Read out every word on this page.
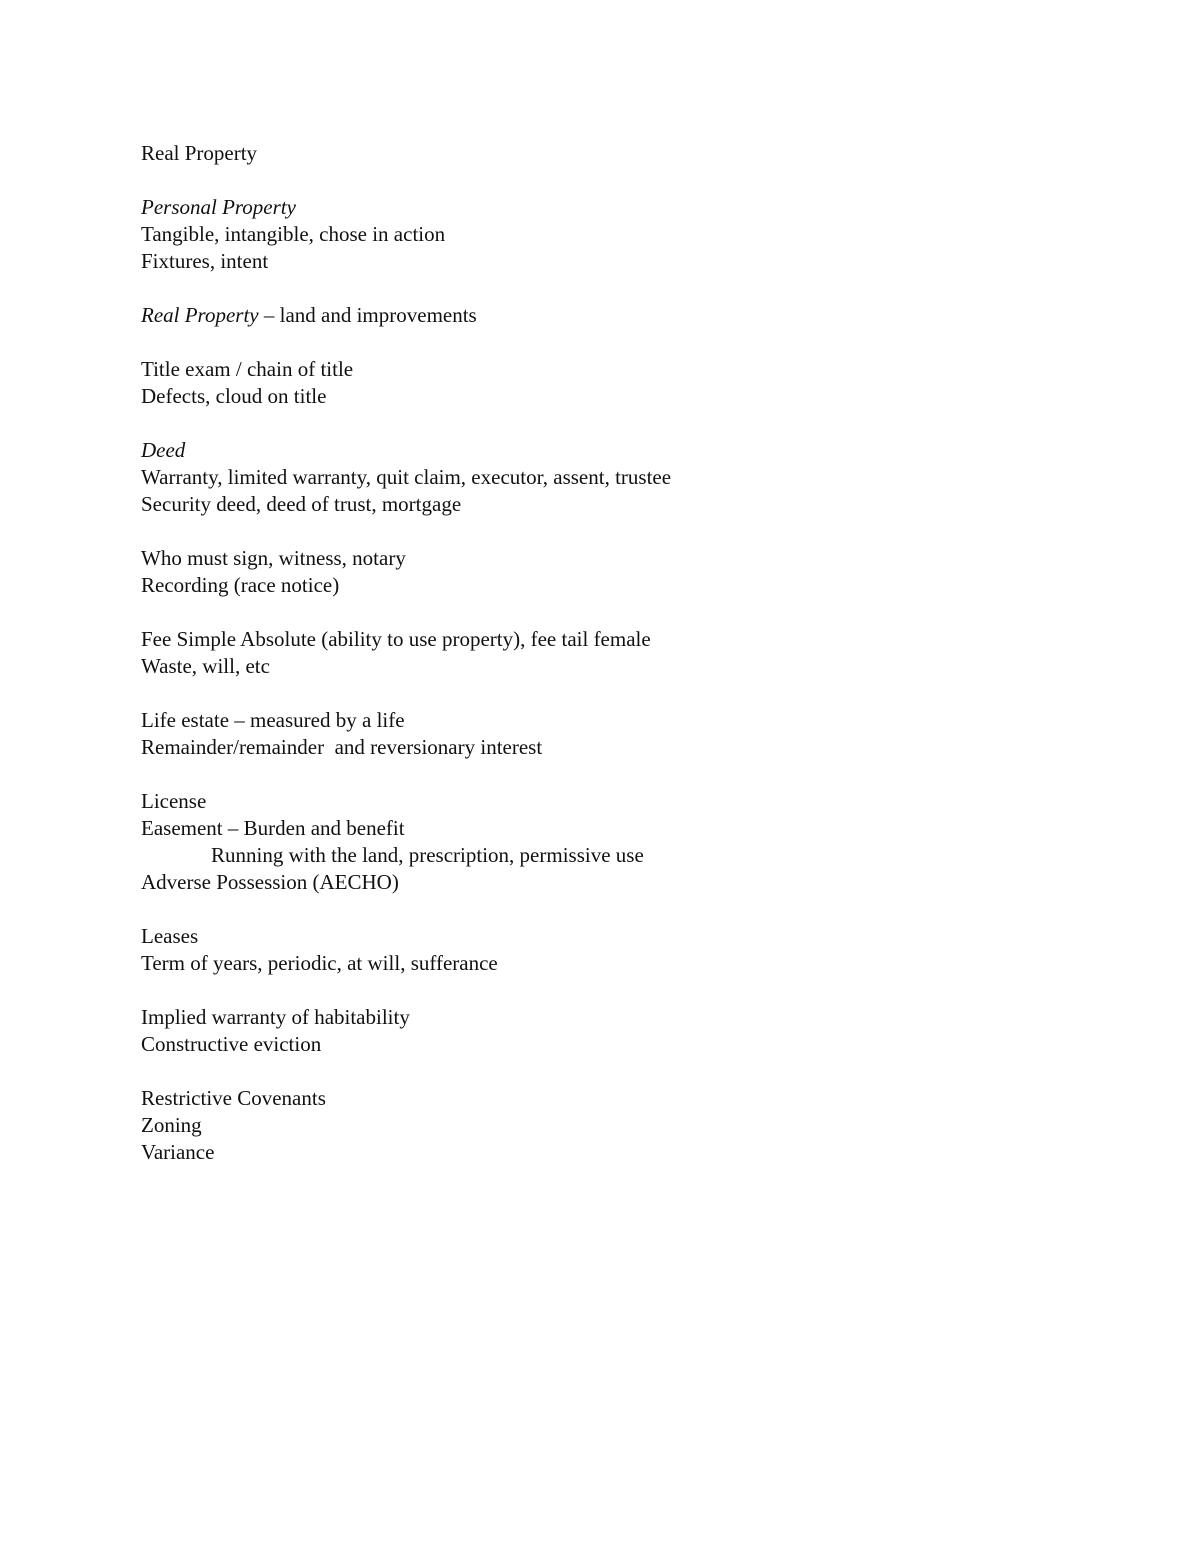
Real Property
Personal Property
Tangible, intangible, chose in action
Fixtures, intent
Real Property – land and improvements
Title exam / chain of title
Defects, cloud on title
Deed
Warranty, limited warranty, quit claim, executor, assent, trustee
Security deed, deed of trust, mortgage
Who must sign, witness, notary
Recording (race notice)
Fee Simple Absolute (ability to use property), fee tail female
Waste, will, etc
Life estate – measured by a life
Remainder/remainder  and reversionary interest
License
Easement – Burden and benefit
Running with the land, prescription, permissive use
Adverse Possession (AECHO)
Leases
Term of years, periodic, at will, sufferance
Implied warranty of habitability
Constructive eviction
Restrictive Covenants
Zoning
Variance
